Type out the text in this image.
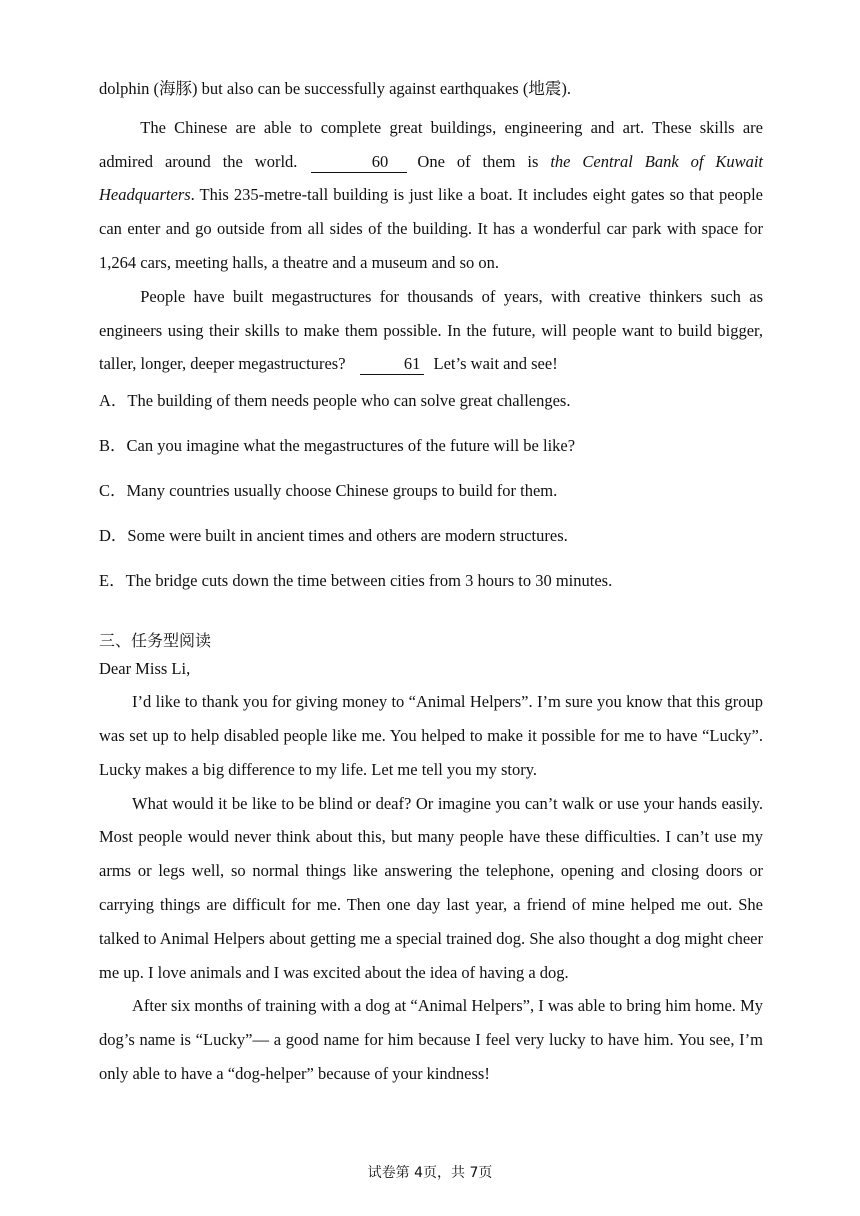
dolphin (海豚) but also can be successfully against earthquakes (地震).

The Chinese are able to complete great buildings, engineering and art. These skills are admired around the world.	60 One of them is the Central Bank of Kuwait Headquarters. This 235-metre-tall building is just like a boat. It includes eight gates so that people can enter and go outside from all sides of the building. It has a wonderful car park with space for 1,264 cars, meeting halls, a theatre and a museum and so on.

People have built megastructures for thousands of years, with creative thinkers such as engineers using their skills to make them possible. In the future, will people want to build bigger, taller, longer, deeper megastructures?	61 Let’s wait and see!

A．The building of them needs people who can solve great challenges.

B．Can you imagine what the megastructures of the future will be like?

C．Many countries usually choose Chinese groups to build for them.

D．Some were built in ancient times and others are modern structures.

E．The bridge cuts down the time between cities from 3 hours to 30 minutes.

三、任务型阅读

Dear Miss Li,

I’d like to thank you for giving money to “Animal Helpers”. I’m sure you know that this group was set up to help disabled people like me. You helped to make it possible for me to have “Lucky”. Lucky makes a big difference to my life. Let me tell you my story.

What would it be like to be blind or deaf? Or imagine you can’t walk or use your hands easily. Most people would never think about this, but many people have these difficulties. I can’t use my arms or legs well, so normal things like answering the telephone, opening and closing doors or carrying things are difficult for me. Then one day last year, a friend of mine helped me out. She talked to Animal Helpers about getting me a special trained dog. She also thought a dog might cheer me up. I love animals and I was excited about the idea of having a dog.

After six months of training with a dog at “Animal Helpers”, I was able to bring him home. My dog’s name is “Lucky”— a good name for him because I feel very lucky to have him. You see, I’m only able to have a “dog-helper” because of your kindness!

试卷第 4页，共 7页
